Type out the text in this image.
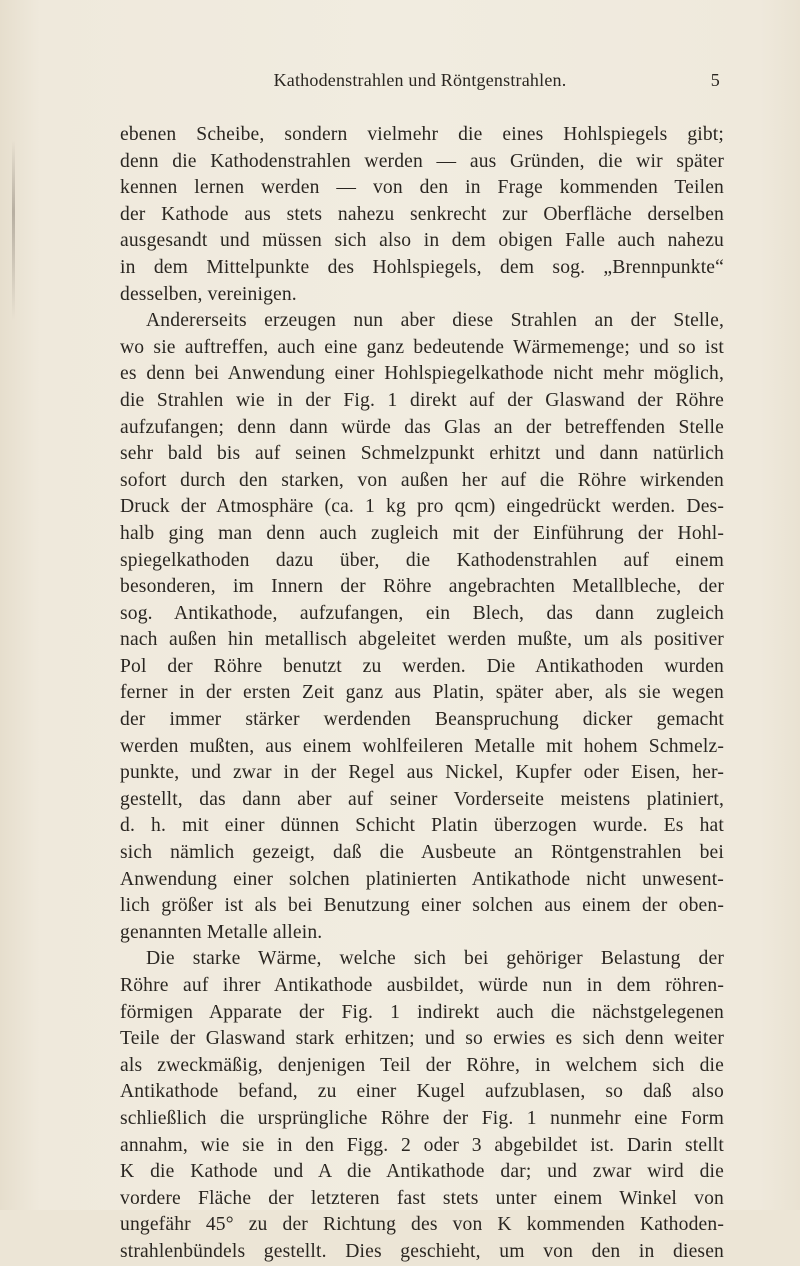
Kathodenstrahlen und Röntgenstrahlen.	5
ebenen Scheibe, sondern vielmehr die eines Hohlspiegels gibt;
denn die Kathodenstrahlen werden — aus Gründen, die wir später
kennen lernen werden — von den in Frage kommenden Teilen
der Kathode aus stets nahezu senkrecht zur Oberfläche derselben
ausgesandt und müssen sich also in dem obigen Falle auch nahezu
in dem Mittelpunkte des Hohlspiegels, dem sog. „Brennpunkte“
desselben, vereinigen.
Andererseits erzeugen nun aber diese Strahlen an der Stelle,
wo sie auftreffen, auch eine ganz bedeutende Wärmemenge; und so ist
es denn bei Anwendung einer Hohlspiegelkathode nicht mehr möglich,
die Strahlen wie in der Fig. 1 direkt auf der Glaswand der Röhre
aufzufangen; denn dann würde das Glas an der betreffenden Stelle
sehr bald bis auf seinen Schmelzpunkt erhitzt und dann natürlich
sofort durch den starken, von außen her auf die Röhre wirkenden
Druck der Atmosphäre (ca. 1 kg pro qcm) eingedrückt werden. Des-
halb ging man denn auch zugleich mit der Einführung der Hohl-
spiegelkathoden dazu über, die Kathodenstrahlen auf einem
besonderen, im Innern der Röhre angebrachten Metallbleche, der
sog. Antikathode, aufzufangen, ein Blech, das dann zugleich
nach außen hin metallisch abgeleitet werden mußte, um als positiver
Pol der Röhre benutzt zu werden. Die Antikathoden wurden
ferner in der ersten Zeit ganz aus Platin, später aber, als sie wegen
der immer stärker werdenden Beanspruchung dicker gemacht
werden mußten, aus einem wohlfeileren Metalle mit hohem Schmelz-
punkte, und zwar in der Regel aus Nickel, Kupfer oder Eisen, her-
gestellt, das dann aber auf seiner Vorderseite meistens platiniert,
d. h. mit einer dünnen Schicht Platin überzogen wurde. Es hat
sich nämlich gezeigt, daß die Ausbeute an Röntgenstrahlen bei
Anwendung einer solchen platinierten Antikathode nicht unwesent-
lich größer ist als bei Benutzung einer solchen aus einem der oben-
genannten Metalle allein.
Die starke Wärme, welche sich bei gehöriger Belastung der
Röhre auf ihrer Antikathode ausbildet, würde nun in dem röhren-
förmigen Apparate der Fig. 1 indirekt auch die nächstgelegenen
Teile der Glaswand stark erhitzen; und so erwies es sich denn weiter
als zweckmäßig, denjenigen Teil der Röhre, in welchem sich die
Antikathode befand, zu einer Kugel aufzublasen, so daß also
schließlich die ursprüngliche Röhre der Fig. 1 nunmehr eine Form
annahm, wie sie in den Figg. 2 oder 3 abgebildet ist. Darin stellt
K die Kathode und A die Antikathode dar; und zwar wird die
vordere Fläche der letzteren fast stets unter einem Winkel von
ungefähr 45° zu der Richtung des von K kommenden Kathoden-
strahlenbündels gestellt. Dies geschieht, um von den in diesen
